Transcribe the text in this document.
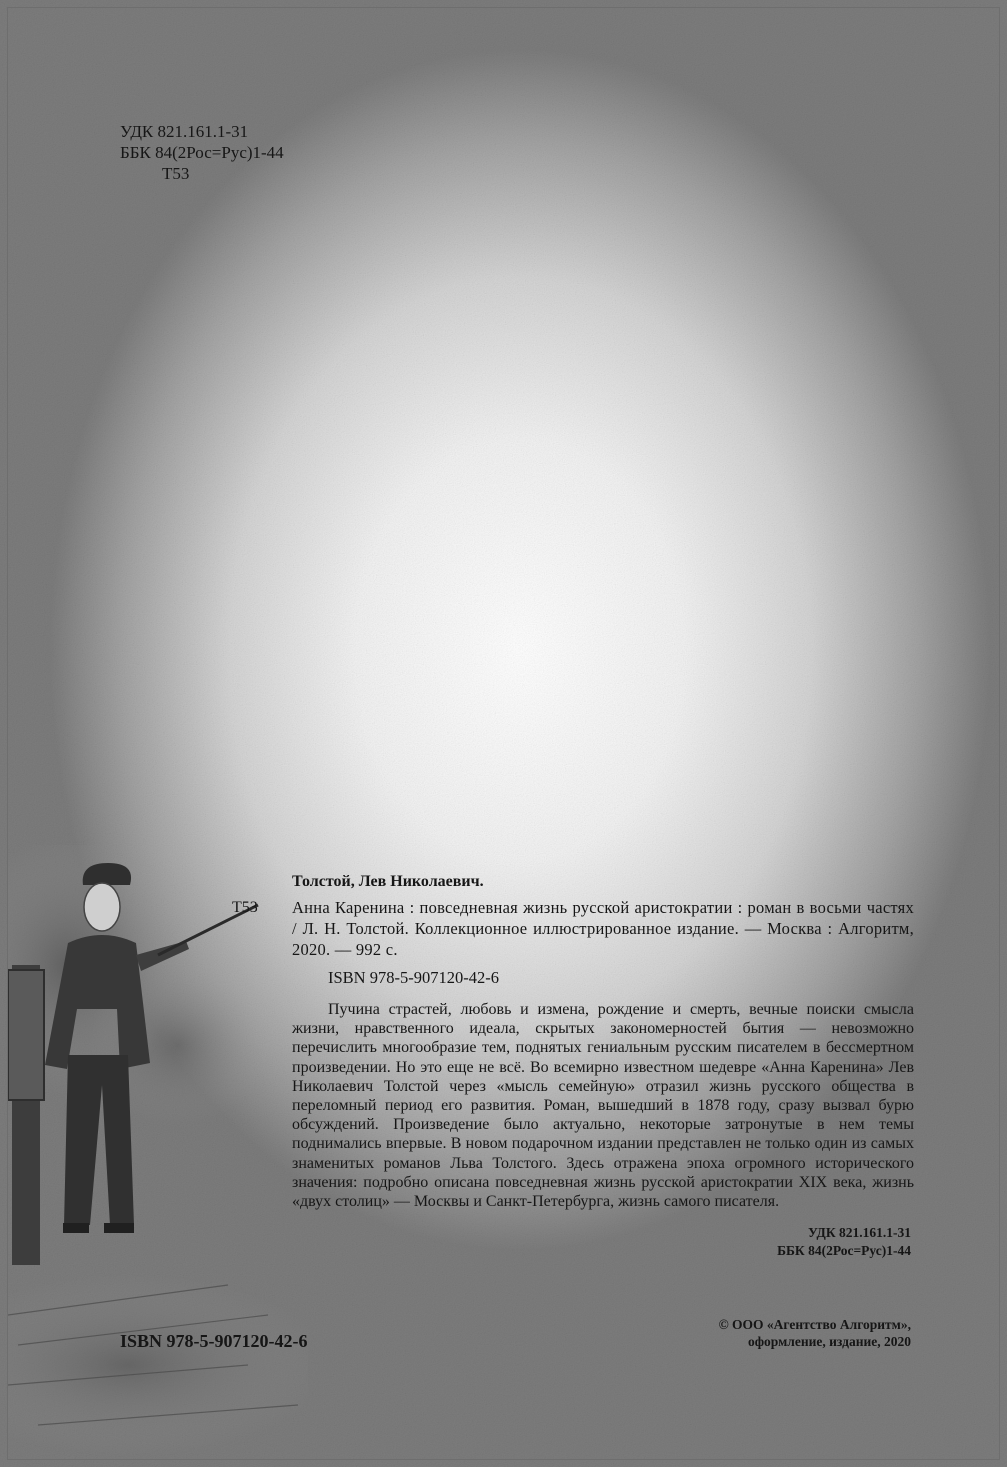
УДК 821.161.1-31
ББК 84(2Рос=Рус)1-44
Т53
Толстой, Лев Николаевич.
Т53 Анна Каренина : повседневная жизнь русской аристократии : роман в восьми частях / Л. Н. Толстой. Коллекционное иллюстрированное издание. — Москва : Алгоритм, 2020. — 992 с.
ISBN 978-5-907120-42-6
Пучина страстей, любовь и измена, рождение и смерть, вечные поиски смысла жизни, нравственного идеала, скрытых закономерностей бытия — невозможно перечислить многообразие тем, поднятых гениальным русским писателем в бессмертном произведении. Но это еще не всё. Во всемирно известном шедевре «Анна Каренина» Лев Николаевич Толстой через «мысль семейную» отразил жизнь русского общества в переломный период его развития. Роман, вышедший в 1878 году, сразу вызвал бурю обсуждений. Произведение было актуально, некоторые затронутые в нем темы поднимались впервые. В новом подарочном издании представлен не только один из самых знаменитых романов Льва Толстого. Здесь отражена эпоха огромного исторического значения: подробно описана повседневная жизнь русской аристократии XIX века, жизнь «двух столиц» — Москвы и Санкт-Петербурга, жизнь самого писателя.
УДК 821.161.1-31
ББК 84(2Рос=Рус)1-44
ISBN 978-5-907120-42-6
© ООО «Агентство Алгоритм»,
оформление, издание, 2020
